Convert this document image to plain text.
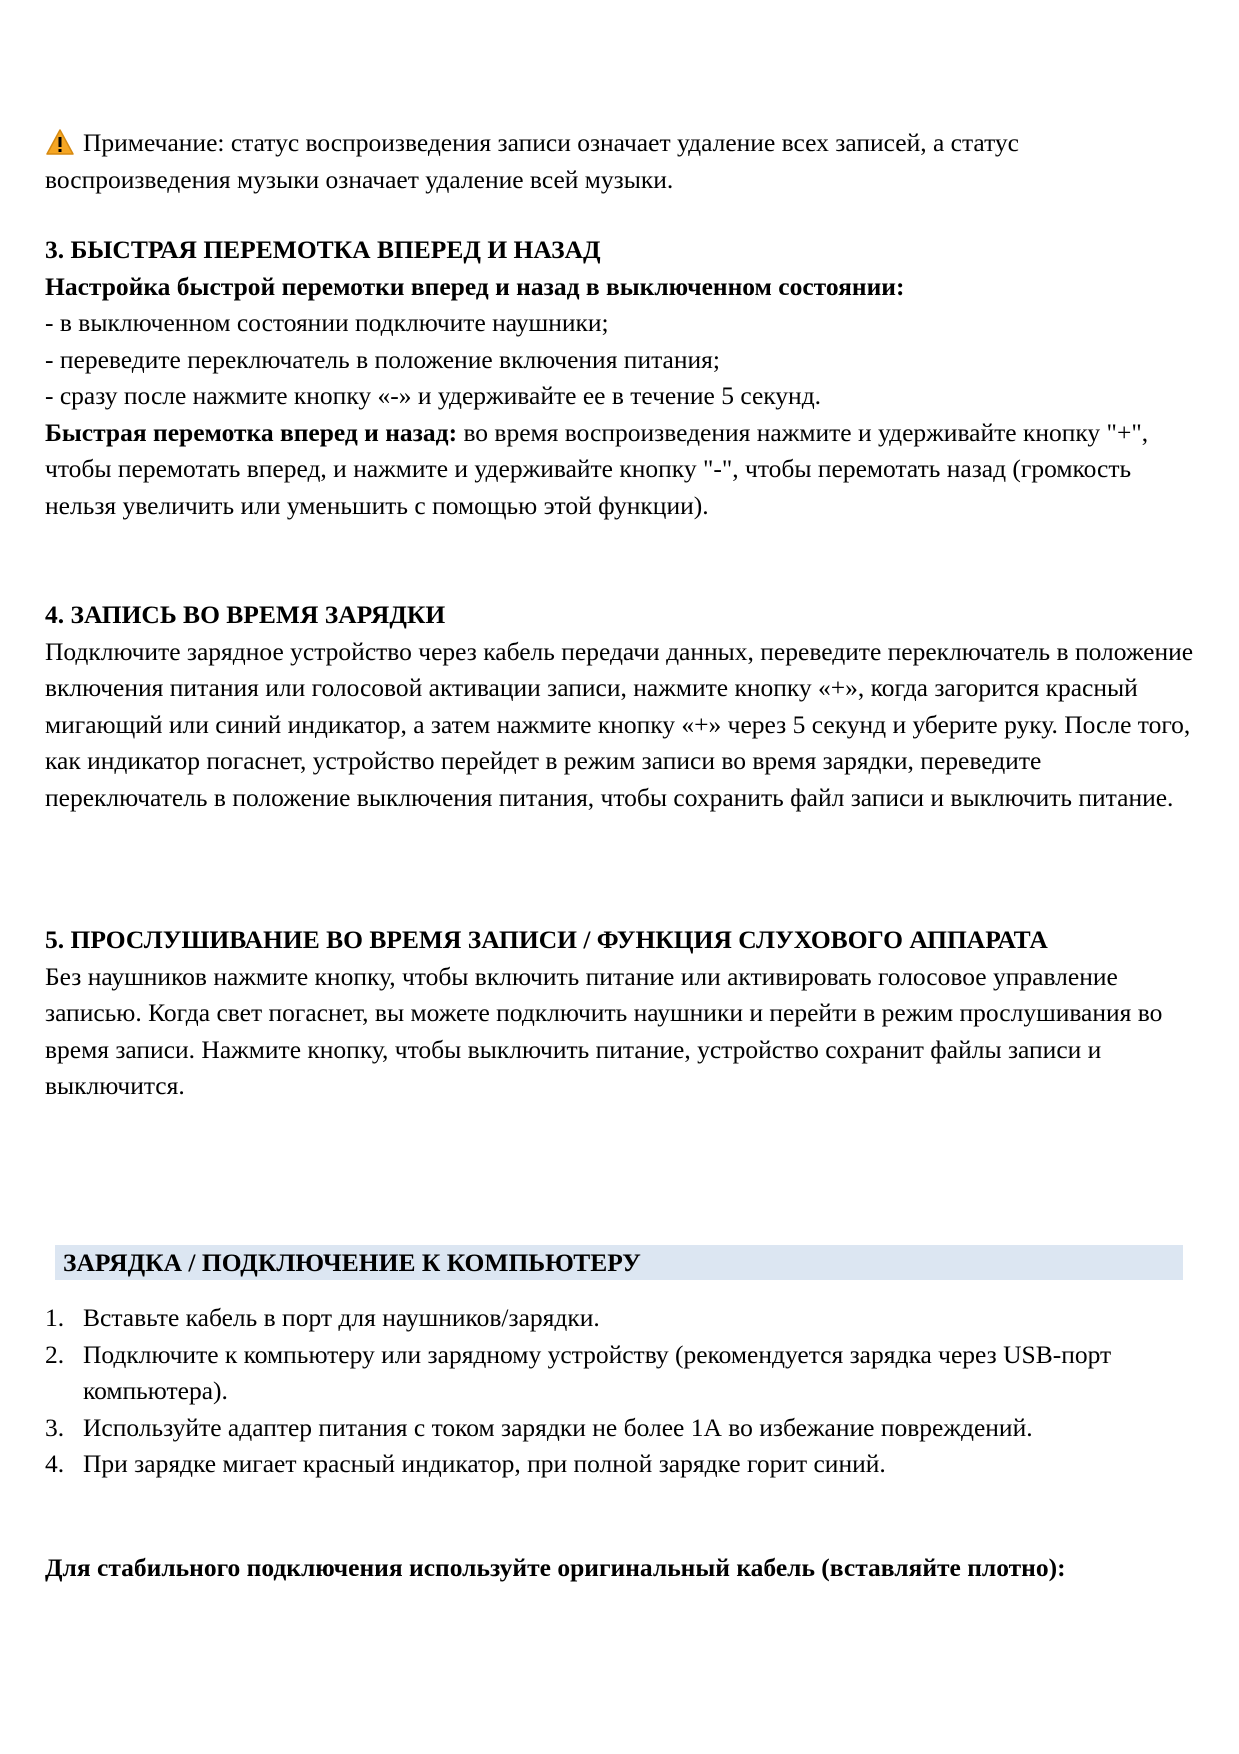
Примечание: статус воспроизведения записи означает удаление всех записей, а статус воспроизведения музыки означает удаление всей музыки.

3. БЫСТРАЯ ПЕРЕМОТКА ВПЕРЕД И НАЗАД

Настройка быстрой перемотки вперед и назад в выключенном состоянии:

- в выключенном состоянии подключите наушники;

- переведите переключатель в положение включения питания;

- сразу после нажмите кнопку «-» и удерживайте ее в течение 5 секунд.

Быстрая перемотка вперед и назад: во время воспроизведения нажмите и удерживайте кнопку "+", чтобы перемотать вперед, и нажмите и удерживайте кнопку "-", чтобы перемотать назад (громкость нельзя увеличить или уменьшить с помощью этой функции).

4. ЗАПИСЬ ВО ВРЕМЯ ЗАРЯДКИ

Подключите зарядное устройство через кабель передачи данных, переведите переключатель в положение включения питания или голосовой активации записи, нажмите кнопку «+», когда загорится красный мигающий или синий индикатор, а затем нажмите кнопку «+» через 5 секунд и уберите руку. После того, как индикатор погаснет, устройство перейдет в режим записи во время зарядки, переведите переключатель в положение выключения питания, чтобы сохранить файл записи и выключить питание.

5. ПРОСЛУШИВАНИЕ ВО ВРЕМЯ ЗАПИСИ / ФУНКЦИЯ СЛУХОВОГО АППАРАТА

Без наушников нажмите кнопку, чтобы включить питание или активировать голосовое управление записью. Когда свет погаснет, вы можете подключить наушники и перейти в режим прослушивания во время записи. Нажмите кнопку, чтобы выключить питание, устройство сохранит файлы записи и выключится.

ЗАРЯДКА / ПОДКЛЮЧЕНИЕ К КОМПЬЮТЕРУ

1. Вставьте кабель в порт для наушников/зарядки.
2. Подключите к компьютеру или зарядному устройству (рекомендуется зарядка через USB-порт компьютера).
3. Используйте адаптер питания с током зарядки не более 1А во избежание повреждений.
4. При зарядке мигает красный индикатор, при полной зарядке горит синий.

Для стабильного подключения используйте оригинальный кабель (вставляйте плотно):
